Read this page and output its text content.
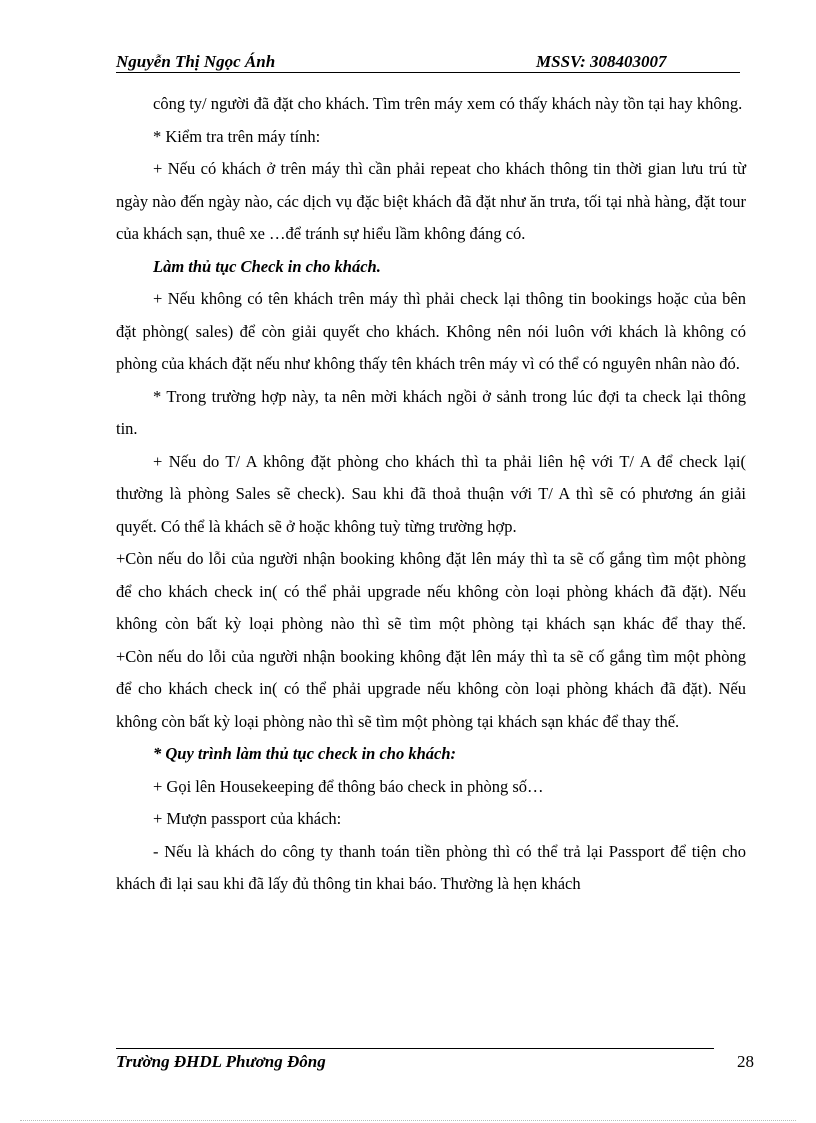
Nguyễn Thị Ngọc Ánh	MSSV: 308403007

công ty/ người đã đặt cho khách. Tìm trên máy xem có thấy khách này tồn tại hay không.

* Kiểm tra trên máy tính:

+ Nếu có khách ở trên máy thì cần phải repeat cho khách thông tin thời gian lưu trú từ ngày nào đến ngày nào, các dịch vụ đặc biệt khách đã đặt như ăn trưa, tối tại nhà hàng, đặt tour của khách sạn, thuê xe …để tránh sự hiểu lầm không đáng có.

Làm thủ tục Check in cho khách.

+ Nếu không có tên khách trên máy thì phải check lại thông tin bookings hoặc của bên đặt phòng( sales) để còn giải quyết cho khách. Không nên nói luôn với khách là không có phòng của khách đặt nếu như không thấy tên khách trên máy vì có thể có nguyên nhân nào đó.

* Trong trường hợp này, ta nên mời khách ngồi ở sảnh trong lúc đợi ta check lại thông tin.

+ Nếu do T/ A không đặt phòng cho khách thì ta phải liên hệ với T/ A để check lại( thường là phòng Sales sẽ check). Sau khi đã thoả thuận với T/ A thì sẽ có phương án giải quyết. Có thể là khách sẽ ở hoặc không tuỳ từng trường hợp.

+Còn nếu do lỗi của người nhận booking không đặt lên máy thì ta sẽ cố gắng tìm một phòng để cho khách check in( có thể phải upgrade nếu không còn loại phòng khách đã đặt). Nếu không còn bất kỳ loại phòng nào thì sẽ tìm một phòng tại khách sạn khác để thay thế.

+Còn nếu do lỗi của người nhận booking không đặt lên máy thì ta sẽ cố gắng tìm một phòng để cho khách check in( có thể phải upgrade nếu không còn loại phòng khách đã đặt). Nếu không còn bất kỳ loại phòng nào thì sẽ tìm một phòng tại khách sạn khác để thay thế.

* Quy trình làm thủ tục check in cho khách:

+ Gọi lên Housekeeping để thông báo check in phòng số…

+ Mượn passport của khách:

- Nếu là khách do công ty thanh toán tiền phòng thì có thể trả lại Passport để tiện cho khách đi lại sau khi đã lấy đủ thông tin khai báo. Thường là hẹn khách

Trường ĐHDL Phương Đông	28
